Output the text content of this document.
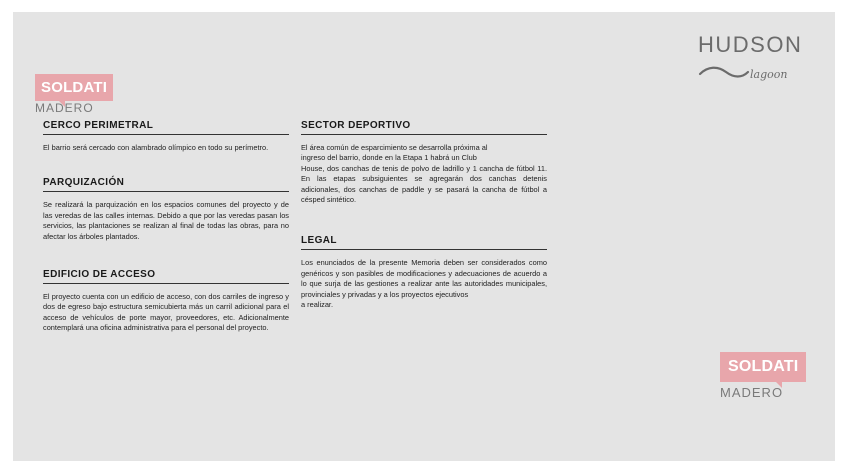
SOLDATI
MADERO
HUDSON
lagoon
CERCO PERIMETRAL

El barrio será cercado con alambrado olímpico en todo su perímetro.

PARQUIZACIÓN

Se realizará la parquización en los espacios comunes del proyecto y de las veredas de las calles internas. Debido a que por las veredas pasan los servicios, las plantaciones se realizan al final de todas las obras, para no afectar los árboles plantados.

EDIFICIO DE ACCESO

El proyecto cuenta con un edificio de acceso, con dos carriles de ingreso y dos de egreso bajo estructura semicubierta más un carril adicional para el acceso de vehículos de porte mayor, proveedores, etc. Adicionalmente contemplará una oficina administrativa para el personal del proyecto.

SECTOR DEPORTIVO

El área común de esparcimiento se desarrolla próxima al
ingreso del barrio, donde en la Etapa 1 habrá un Club
House, dos canchas de tenis de polvo de ladrillo y 1 cancha de fútbol 11. En las etapas subsiguientes se agregarán dos canchas detenis adicionales, dos canchas de paddle y se pasará la cancha de fútbol a césped sintético.

LEGAL

Los enunciados de la presente Memoria deben ser considerados como genéricos y son pasibles de modificaciones y adecuaciones de acuerdo a lo que surja de las gestiones a realizar ante las autoridades municipales, provinciales y privadas y a los proyectos ejecutivos
a realizar.

SOLDATI
MADERO
